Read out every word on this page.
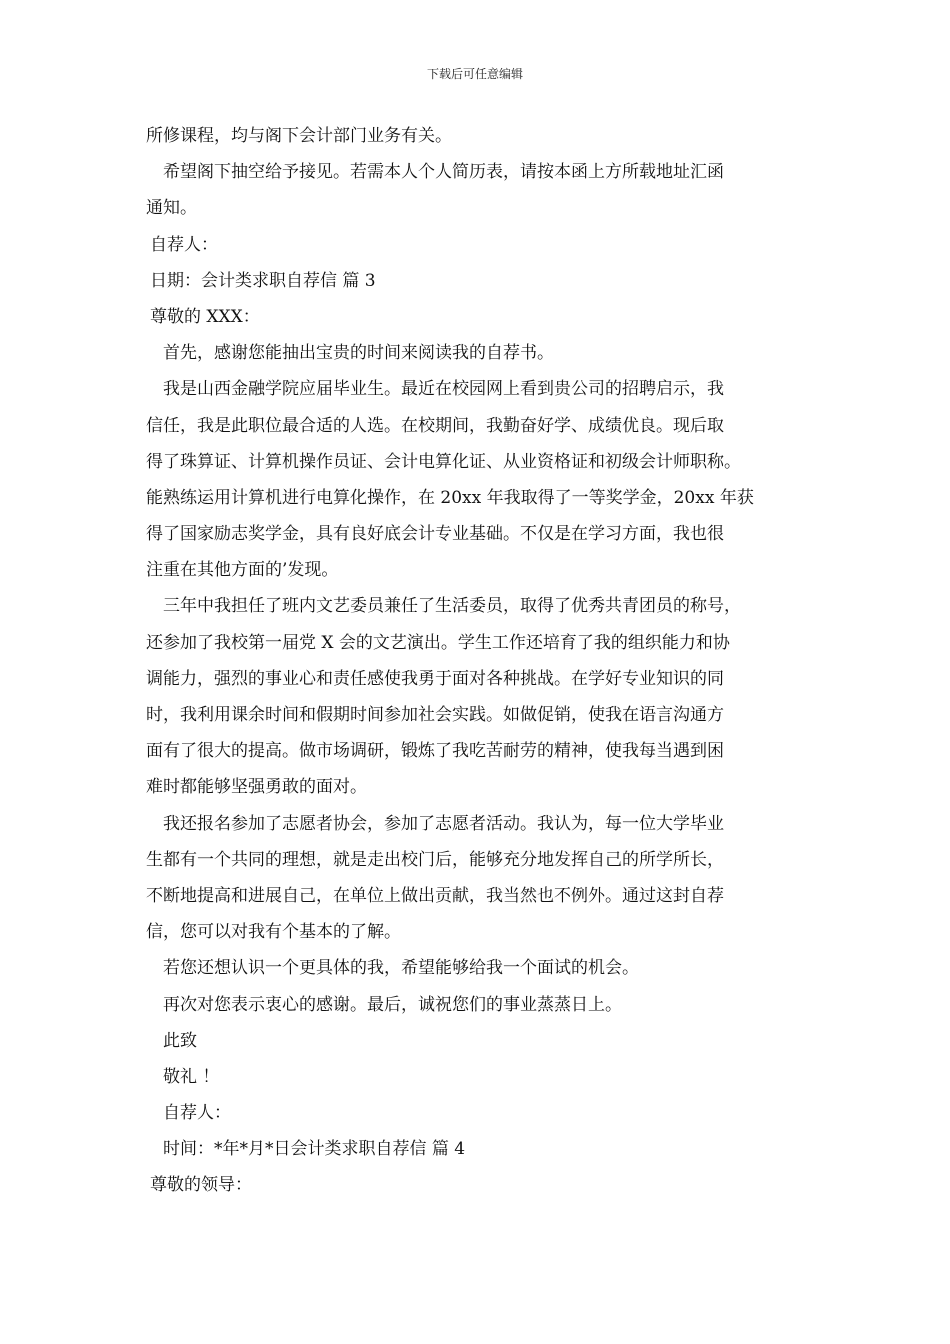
下载后可任意编辑
所修课程，均与阁下会计部门业务有关。
希望阁下抽空给予接见。若需本人个人简历表，请按本函上方所载地址汇函
通知。
自荐人：
日期：会计类求职自荐信 篇 3
尊敬的 XXX：
首先，感谢您能抽出宝贵的时间来阅读我的自荐书。
我是山西金融学院应届毕业生。最近在校园网上看到贵公司的招聘启示，我
信任，我是此职位最合适的人选。在校期间，我勤奋好学、成绩优良。现后取
得了珠算证、计算机操作员证、会计电算化证、从业资格证和初级会计师职称。
能熟练运用计算机进行电算化操作，在 20xx 年我取得了一等奖学金，20xx 年获
得了国家励志奖学金，具有良好底会计专业基础。不仅是在学习方面，我也很
注重在其他方面的’发现。
三年中我担任了班内文艺委员兼任了生活委员，取得了优秀共青团员的称号，
还参加了我校第一届党 X 会的文艺演出。学生工作还培育了我的组织能力和协
调能力，强烈的事业心和责任感使我勇于面对各种挑战。在学好专业知识的同
时，我利用课余时间和假期时间参加社会实践。如做促销，使我在语言沟通方
面有了很大的提高。做市场调研，锻炼了我吃苦耐劳的精神，使我每当遇到困
难时都能够坚强勇敢的面对。
我还报名参加了志愿者协会，参加了志愿者活动。我认为，每一位大学毕业
生都有一个共同的理想，就是走出校门后，能够充分地发挥自己的所学所长，
不断地提高和进展自己，在单位上做出贡献，我当然也不例外。通过这封自荐
信，您可以对我有个基本的了解。
若您还想认识一个更具体的我，希望能够给我一个面试的机会。
再次对您表示衷心的感谢。最后，诚祝您们的事业蒸蒸日上。
此致
敬礼 ！
自荐人：
时间：*年*月*日会计类求职自荐信 篇 4
尊敬的领导：
